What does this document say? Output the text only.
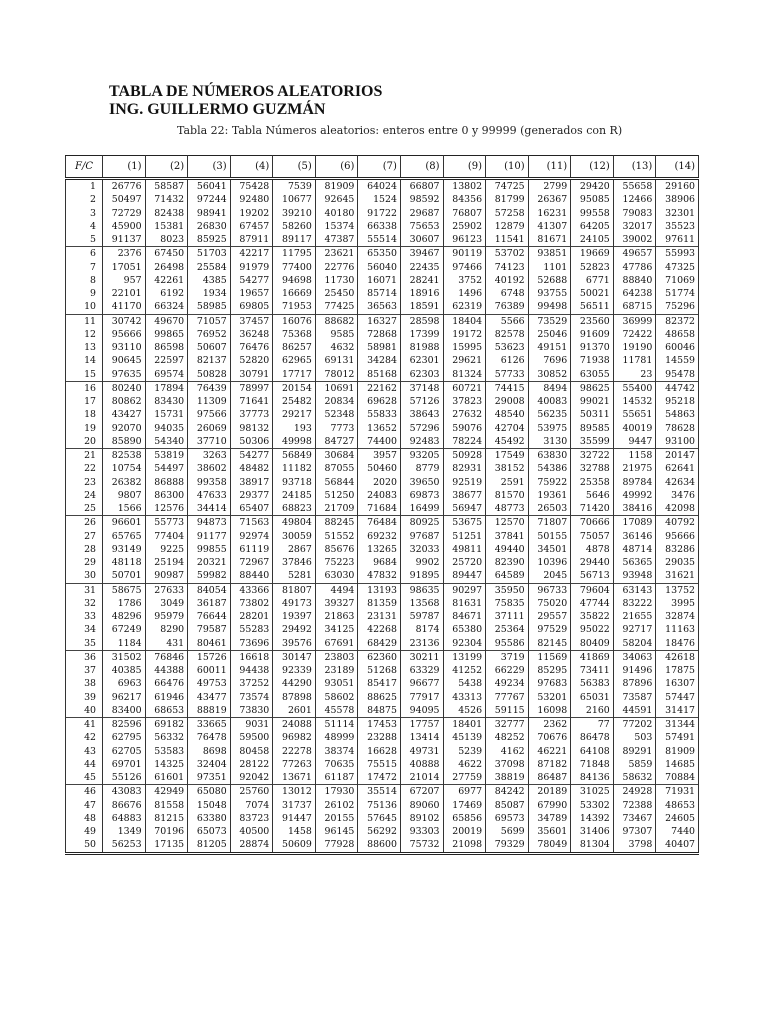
TABLA DE NÚMEROS ALEATORIOS
ING. GUILLERMO GUZMÁN
Tabla 22: Tabla Números aleatorios: enteros entre 0 y 99999 (generados con R)
F/C	(1)	(2)	(3)	(4)	(5)	(6)	(7)	(8)	(9)	(10)	(11)	(12)	(13)	(14)
1	26776	58587	56041	75428	7539	81909	64024	66807	13802	74725	2799	29420	55658	29160
2	50497	71432	97244	92480	10677	92645	1524	98592	84356	81799	26367	95085	12466	38906
3	72729	82438	98941	19202	39210	40180	91722	29687	76807	57258	16231	99558	79083	32301
4	45900	15381	26830	67457	58260	15374	66338	75653	25902	12879	41307	64205	32017	35523
5	91137	8023	85925	87911	89117	47387	55514	30607	96123	11541	81671	24105	39002	97611
6	2376	67450	51703	42217	11795	23621	65350	39467	90119	53702	93851	19669	49657	55993
7	17051	26498	25584	91979	77400	22776	56040	22435	97466	74123	1101	52823	47786	47325
8	957	42261	4385	54277	94698	11730	16071	28241	3752	40192	52688	6771	88840	71069
9	22101	6192	1934	19657	16669	25450	85714	18916	1496	6748	93755	50021	64238	51774
10	41170	66324	58985	69805	71953	77425	36563	18591	62319	76389	99498	56511	68715	75296
11	30742	49670	71057	37457	16076	88682	16327	28598	18404	5566	73529	23560	36999	82372
12	95666	99865	76952	36248	75368	9585	72868	17399	19172	82578	25046	91609	72422	48658
13	93110	86598	50607	76476	86257	4632	58981	81988	15995	53623	49151	91370	19190	60046
14	90645	22597	82137	52820	62965	69131	34284	62301	29621	6126	7696	71938	11781	14559
15	97635	69574	50828	30791	17717	78012	85168	62303	81324	57733	30852	63055	23	95478
16	80240	17894	76439	78997	20154	10691	22162	37148	60721	74415	8494	98625	55400	44742
17	80862	83430	11309	71641	25482	20834	69628	57126	37823	29008	40083	99021	14532	95218
18	43427	15731	97566	37773	29217	52348	55833	38643	27632	48540	56235	50311	55651	54863
19	92070	94035	26069	98132	193	7773	13652	57296	59076	42704	53975	89585	40019	78628
20	85890	54340	37710	50306	49998	84727	74400	92483	78224	45492	3130	35599	9447	93100
21	82538	53819	3263	54277	56849	30684	3957	93205	50928	17549	63830	32722	1158	20147
22	10754	54497	38602	48482	11182	87055	50460	8779	82931	38152	54386	32788	21975	62641
23	26382	86888	99358	38917	93718	56844	2020	39650	92519	2591	75922	25358	89784	42634
24	9807	86300	47633	29377	24185	51250	24083	69873	38677	81570	19361	5646	49992	3476
25	1566	12576	34414	65407	68823	21709	71684	16499	56947	48773	26503	71420	38416	42098
26	96601	55773	94873	71563	49804	88245	76484	80925	53675	12570	71807	70666	17089	40792
27	65765	77404	91177	92974	30059	51552	69232	97687	51251	37841	50155	75057	36146	95666
28	93149	9225	99855	61119	2867	85676	13265	32033	49811	49440	34501	4878	48714	83286
29	48118	25194	20321	72967	37846	75223	9684	9902	25720	82390	10396	29440	56365	29035
30	50701	90987	59982	88440	5281	63030	47832	91895	89447	64589	2045	56713	93948	31621
31	58675	27633	84054	43366	81807	4494	13193	98635	90297	35950	96733	79604	63143	13752
32	1786	3049	36187	73802	49173	39327	81359	13568	81631	75835	75020	47744	83222	3995
33	48296	95979	76644	28201	19397	21863	23131	59787	84671	37111	29557	35822	21655	32874
34	67249	8290	79587	55283	29492	34125	42268	8174	65380	25364	97529	95022	92717	11163
35	1184	431	80461	73696	39576	67691	68429	23136	92304	95586	82145	80409	58204	18476
36	31502	76846	15726	16618	30147	23803	62360	30211	13199	3719	11569	41869	34063	42618
37	40385	44388	60011	94438	92339	23189	51268	63329	41252	66229	85295	73411	91496	17875
38	6963	66476	49753	37252	44290	93051	85417	96677	5438	49234	97683	56383	87896	16307
39	96217	61946	43477	73574	87898	58602	88625	77917	43313	77767	53201	65031	73587	57447
40	83400	68653	88819	73830	2601	45578	84875	94095	4526	59115	16098	2160	44591	31417
41	82596	69182	33665	9031	24088	51114	17453	17757	18401	32777	2362	77	77202	31344
42	62795	56332	76478	59500	96982	48999	23288	13414	45139	48252	70676	86478	503	57491
43	62705	53583	8698	80458	22278	38374	16628	49731	5239	4162	46221	64108	89291	81909
44	69701	14325	32404	28122	77263	70635	75515	40888	4622	37098	87182	71848	5859	14685
45	55126	61601	97351	92042	13671	61187	17472	21014	27759	38819	86487	84136	58632	70884
46	43083	42949	65080	25760	13012	17930	35514	67207	6977	84242	20189	31025	24928	71931
47	86676	81558	15048	7074	31737	26102	75136	89060	17469	85087	67990	53302	72388	48653
48	64883	81215	63380	83723	91447	20155	57645	89102	65856	69573	34789	14392	73467	24605
49	1349	70196	65073	40500	1458	96145	56292	93303	20019	5699	35601	31406	97307	7440
50	56253	17135	81205	28874	50609	77928	88600	75732	21098	79329	78049	81304	3798	40407
